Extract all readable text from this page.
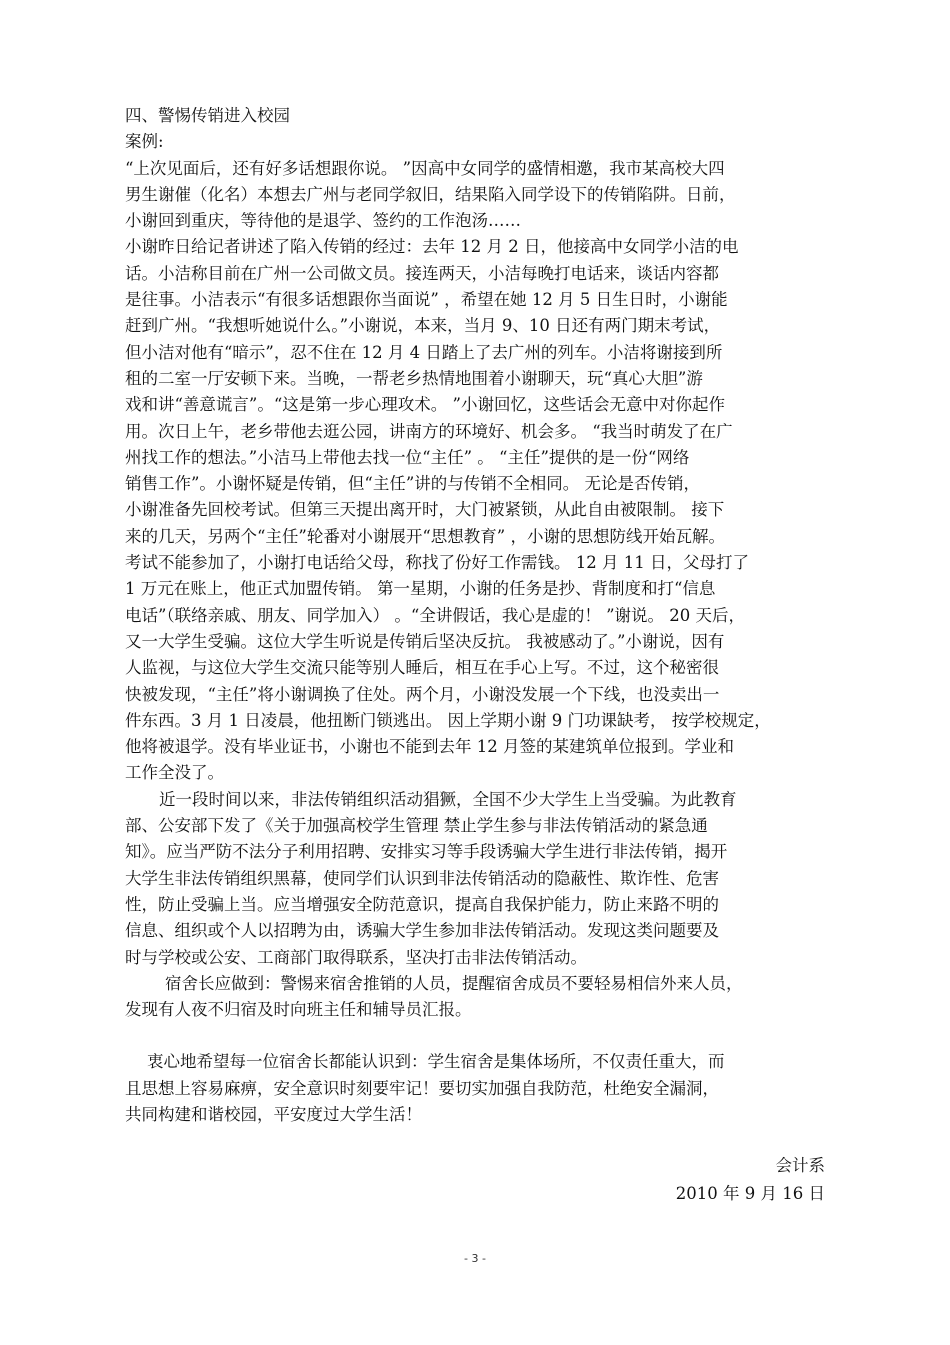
四、警惕传销进入校园
案例:
“上次见面后，还有好多话想跟你说。 ”因高中女同学的盛情相邀，我市某高校大四
男生谢催（化名）本想去广州与老同学叙旧，结果陷入同学设下的传销陷阱。日前，
小谢回到重庆，等待他的是退学、签约的工作泡汤……
小谢昨日给记者讲述了陷入传销的经过：去年 12 月 2 日，他接高中女同学小洁的电
话。小洁称目前在广州一公司做文员。接连两天，小洁每晚打电话来，谈话内容都
是往事。小洁表示“有很多话想跟你当面说” ，希望在她 12 月 5 日生日时，小谢能
赶到广州。“我想听她说什么。”小谢说，本来，当月 9、10 日还有两门期末考试，
但小洁对他有“暗示”，忍不住在 12 月 4 日踏上了去广州的列车。小洁将谢接到所
租的二室一厅安顿下来。当晚，一帮老乡热情地围着小谢聊天，玩“真心大胆”游
戏和讲“善意谎言”。“这是第一步心理攻术。 ”小谢回忆，这些话会无意中对你起作
用。次日上午，老乡带他去逛公园，讲南方的环境好、机会多。 “我当时萌发了在广
州找工作的想法。”小洁马上带他去找一位“主任” 。 “主任”提供的是一份“网络
销售工作”。小谢怀疑是传销，但“主任”讲的与传销不全相同。 无论是否传销，
小谢准备先回校考试。但第三天提出离开时，大门被紧锁，从此自由被限制。 接下
来的几天，另两个“主任”轮番对小谢展开“思想教育” ，小谢的思想防线开始瓦解。
考试不能参加了，小谢打电话给父母，称找了份好工作需钱。 12 月 11 日，父母打了
1 万元在账上，他正式加盟传销。 第一星期，小谢的任务是抄、背制度和打“信息
电话”（联络亲戚、朋友、同学加入） 。“全讲假话，我心是虚的！ ”谢说。 20 天后，
又一大学生受骗。这位大学生听说是传销后坚决反抗。 我被感动了。”小谢说，因有
人监视，与这位大学生交流只能等别人睡后，相互在手心上写。不过，这个秘密很
快被发现，“主任”将小谢调换了住处。两个月，小谢没发展一个下线，也没卖出一
件东西。3 月 1 日凌晨，他扭断门锁逃出。 因上学期小谢 9 门功课缺考， 按学校规定，
他将被退学。没有毕业证书，小谢也不能到去年 12 月签的某建筑单位报到。学业和
工作全没了。
近一段时间以来，非法传销组织活动猖獗，全国不少大学生上当受骗。为此教育
部、公安部下发了《关于加强高校学生管理 禁止学生参与非法传销活动的紧急通
知》。应当严防不法分子利用招聘、安排实习等手段诱骗大学生进行非法传销，揭开
大学生非法传销组织黑幕，使同学们认识到非法传销活动的隐蔽性、欺诈性、危害
性，防止受骗上当。应当增强安全防范意识，提高自我保护能力，防止来路不明的
信息、组织或个人以招聘为由，诱骗大学生参加非法传销活动。发现这类问题要及
时与学校或公安、工商部门取得联系，坚决打击非法传销活动。
宿舍长应做到：警惕来宿舍推销的人员，提醒宿舍成员不要轻易相信外来人员，
发现有人夜不归宿及时向班主任和辅导员汇报。
衷心地希望每一位宿舍长都能认识到：学生宿舍是集体场所，不仅责任重大，而
且思想上容易麻痹，安全意识时刻要牢记！要切实加强自我防范，杜绝安全漏洞，
共同构建和谐校园，平安度过大学生活！
会计系
2010 年 9 月 16 日
- 3 -
